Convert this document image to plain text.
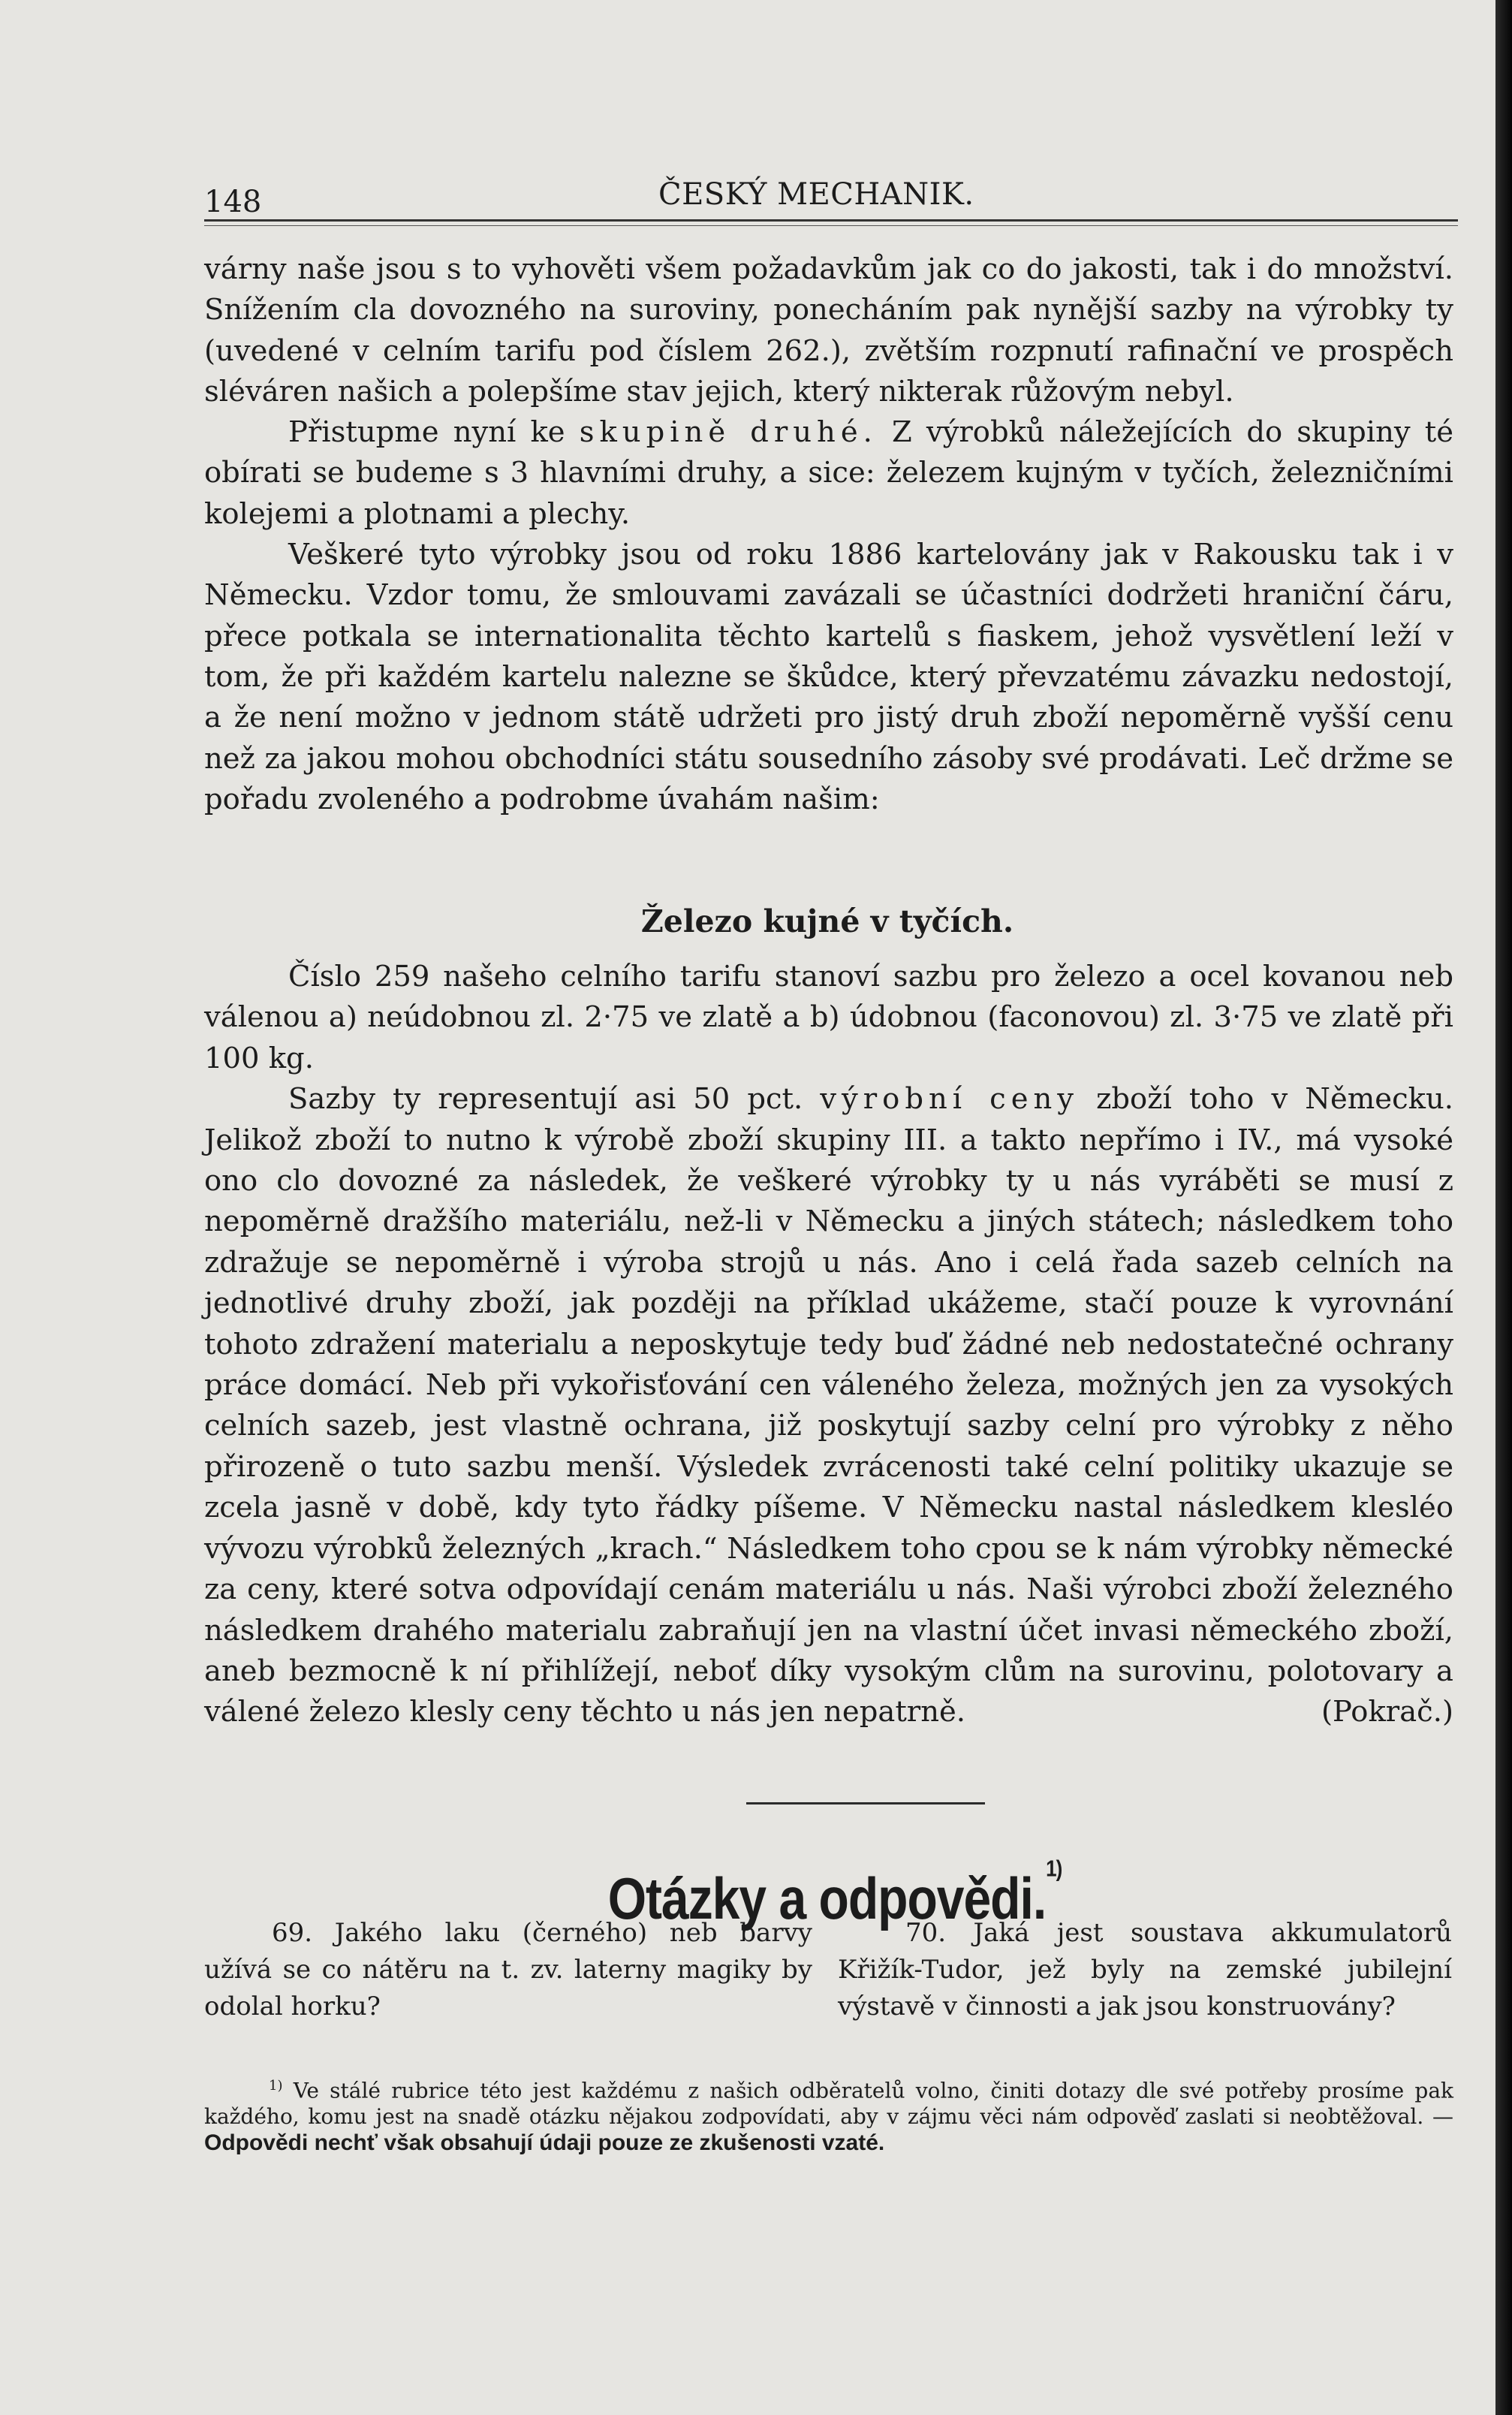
148	ČESKÝ MECHANIK.

várny naše jsou s to vyhověti všem požadavkům jak co do jakosti, tak i do množství. Snížením cla dovozného na suroviny, ponecháním pak nynější sazby na výrobky ty (uvedené v celním tarifu pod číslem 262.), zvětším rozpnutí rafinační ve prospěch sléváren našich a polepšíme stav jejich, který nikterak růžovým nebyl.

Přistupme nyní ke skupině druhé. Z výrobků náležejících do skupiny té obírati se budeme s 3 hlavními druhy, a sice: železem kujným v tyčích, železničními kolejemi a plotnami a plechy.

Veškeré tyto výrobky jsou od roku 1886 kartelovány jak v Rakousku tak i v Německu. Vzdor tomu, že smlouvami zavázali se účastníci dodržeti hraniční čáru, přece potkala se internationalita těchto kartelů s fiaskem, jehož vysvětlení leží v tom, že při každém kartelu nalezne se škůdce, který převzatému závazku nedostojí, a že není možno v jednom státě udržeti pro jistý druh zboží nepoměrně vyšší cenu než za jakou mohou obchodníci státu sousedního zásoby své prodávati. Leč držme se pořadu zvoleného a podrobme úvahám našim:

Železo kujné v tyčích.

Číslo 259 našeho celního tarifu stanoví sazbu pro železo a ocel kovanou neb válenou a) neúdobnou zl. 2·75 ve zlatě a b) údobnou (faconovou) zl. 3·75 ve zlatě při 100 kg.

Sazby ty representují asi 50 pct. výrobní ceny zboží toho v Německu. Jelikož zboží to nutno k výrobě zboží skupiny III. a takto nepřímo i IV., má vysoké ono clo dovozné za následek, že veškeré výrobky ty u nás vyráběti se musí z nepoměrně dražšího materiálu, než-li v Německu a jiných státech; následkem toho zdražuje se nepoměrně i výroba strojů u nás. Ano i celá řada sazeb celních na jednotlivé druhy zboží, jak později na příklad ukážeme, stačí pouze k vyrovnání tohoto zdražení materialu a neposkytuje tedy buď žádné neb nedostatečné ochrany práce domácí. Neb při vykořisťování cen váleného železa, možných jen za vysokých celních sazeb, jest vlastně ochrana, již poskytují sazby celní pro výrobky z něho přirozeně o tuto sazbu menší. Výsledek zvrácenosti také celní politiky ukazuje se zcela jasně v době, kdy tyto řádky píšeme. V Německu nastal následkem klesléo vývozu výrobků železných „krach.“ Následkem toho cpou se k nám výrobky německé za ceny, které sotva odpovídají cenám materiálu u nás. Naši výrobci zboží železného následkem drahého materialu zabraňují jen na vlastní účet invasi německého zboží, aneb bezmocně k ní přihlížejí, neboť díky vysokým clům na surovinu, polotovary a válené železo klesly ceny těchto u nás jen nepatrně.	(Pokrač.)

Otázky a odpovědi.$^{1)}$

69. Jakého laku (černého) neb barvy užívá se co nátěru na t. zv. laterny magiky by odolal horku?

70. Jaká jest soustava akkumulatorů Křižík-Tudor, jež byly na zemské jubilejní výstavě v činnosti a jak jsou konstruovány?

$^{1)}$ Ve stálé rubrice této jest každému z našich odběratelů volno, činiti dotazy dle své potřeby prosíme pak každého, komu jest na snadě otázku nějakou zodpovídati, aby v zájmu věci nám odpověď zaslati si neobtěžoval. — Odpovědi nechť však obsahují údaji pouze ze zkušenosti vzaté.
